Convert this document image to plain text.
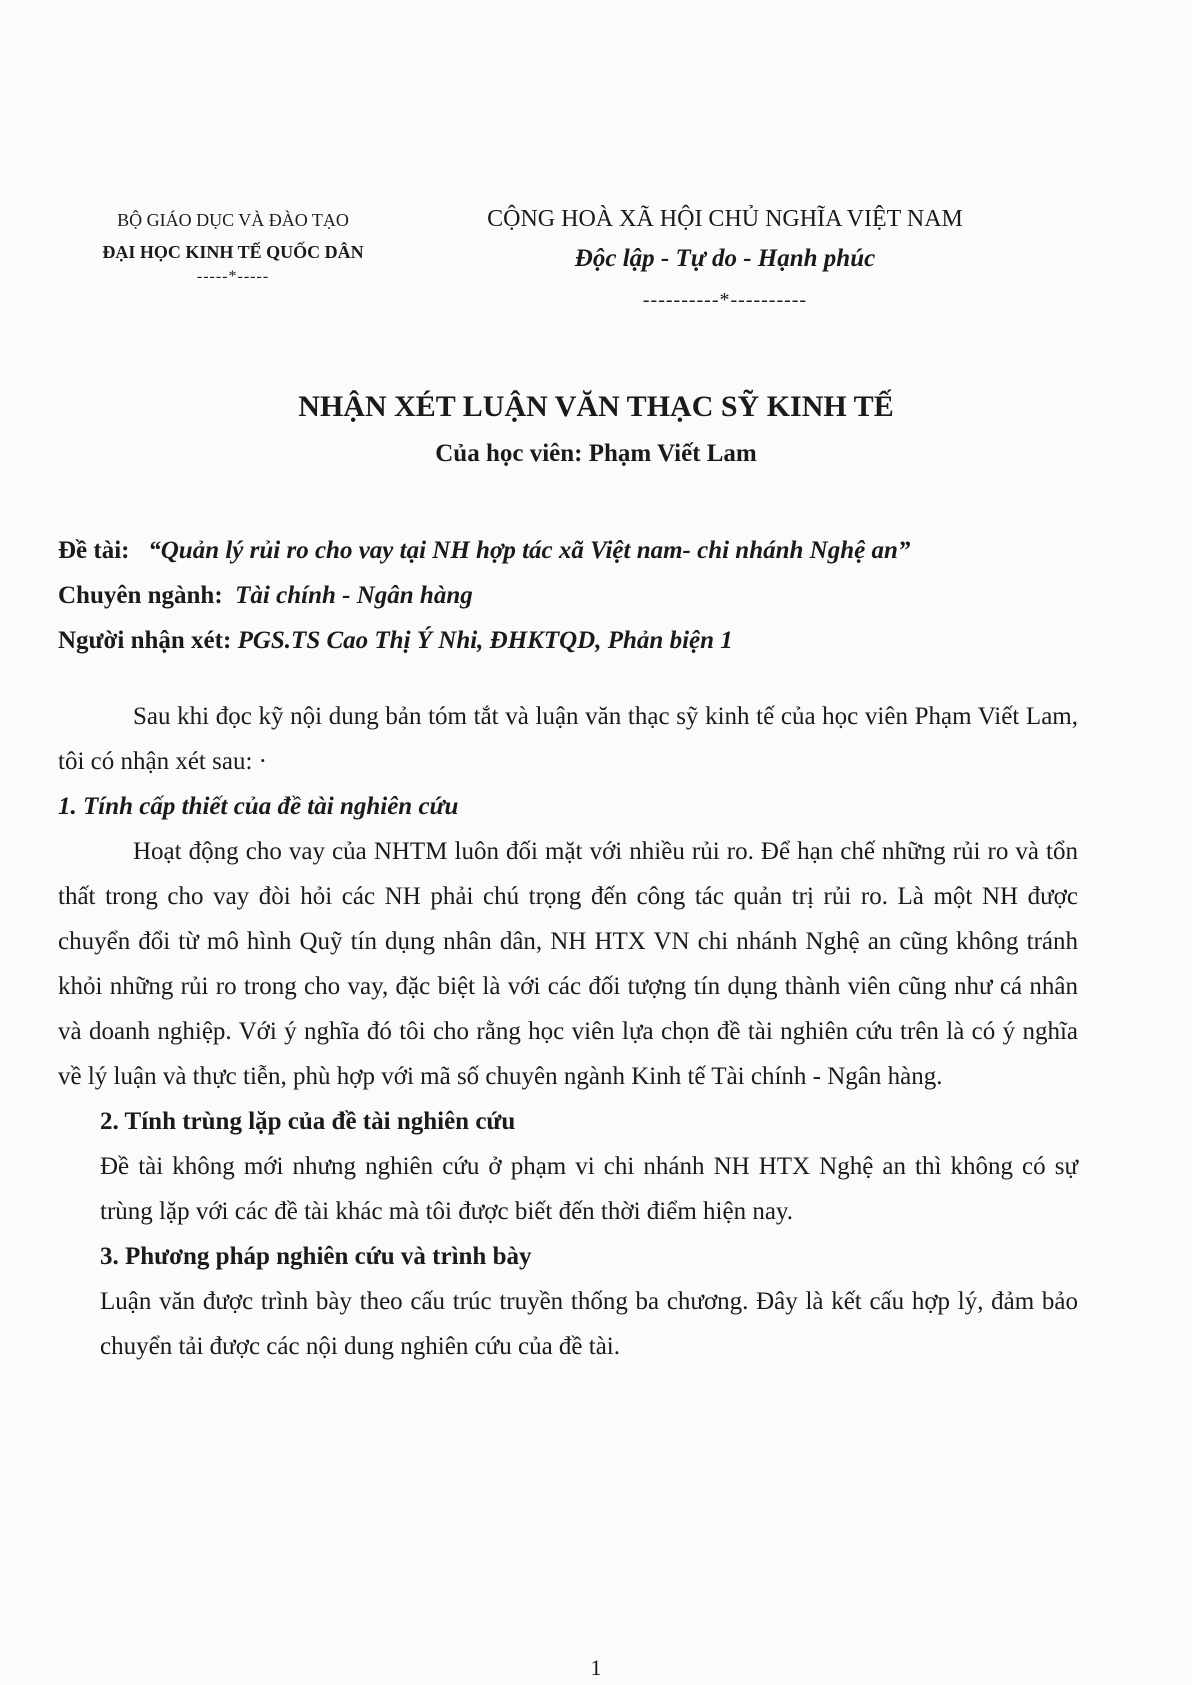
BỘ GIÁO DỤC VÀ ĐÀO TẠO
ĐẠI HỌC KINH TẾ QUỐC DÂN
-----*-----
CỘNG HOÀ XÃ HỘI CHỦ NGHĨA VIỆT NAM
Độc lập - Tự do - Hạnh phúc
----------*----------
NHẬN XÉT LUẬN VĂN THẠC SỸ KINH TẾ
Của học viên: Phạm Viết Lam
Đề tài: “Quản lý rủi ro cho vay tại NH hợp tác xã Việt nam- chi nhánh Nghệ an”
Chuyên ngành: Tài chính - Ngân hàng
Người nhận xét: PGS.TS Cao Thị Ý Nhi, ĐHKTQD, Phản biện 1

Sau khi đọc kỹ nội dung bản tóm tắt và luận văn thạc sỹ kinh tế của học viên Phạm Viết Lam, tôi có nhận xét sau: ·

1. Tính cấp thiết của đề tài nghiên cứu

Hoạt động cho vay của NHTM luôn đối mặt với nhiều rủi ro. Để hạn chế những rủi ro và tổn thất trong cho vay đòi hỏi các NH phải chú trọng đến công tác quản trị rủi ro. Là một NH được chuyển đổi từ mô hình Quỹ tín dụng nhân dân, NH HTX VN chi nhánh Nghệ an cũng không tránh khỏi những rủi ro trong cho vay, đặc biệt là với các đối tượng tín dụng thành viên cũng như cá nhân và doanh nghiệp. Với ý nghĩa đó tôi cho rằng học viên lựa chọn đề tài nghiên cứu trên là có ý nghĩa về lý luận và thực tiễn, phù hợp với mã số chuyên ngành Kinh tế Tài chính - Ngân hàng.

2. Tính trùng lặp của đề tài nghiên cứu

Đề tài không mới nhưng nghiên cứu ở phạm vi chi nhánh NH HTX Nghệ an thì không có sự trùng lặp với các đề tài khác mà tôi được biết đến thời điểm hiện nay.

3. Phương pháp nghiên cứu và trình bày

Luận văn được trình bày theo cấu trúc truyền thống ba chương. Đây là kết cấu hợp lý, đảm bảo chuyển tải được các nội dung nghiên cứu của đề tài.

1
